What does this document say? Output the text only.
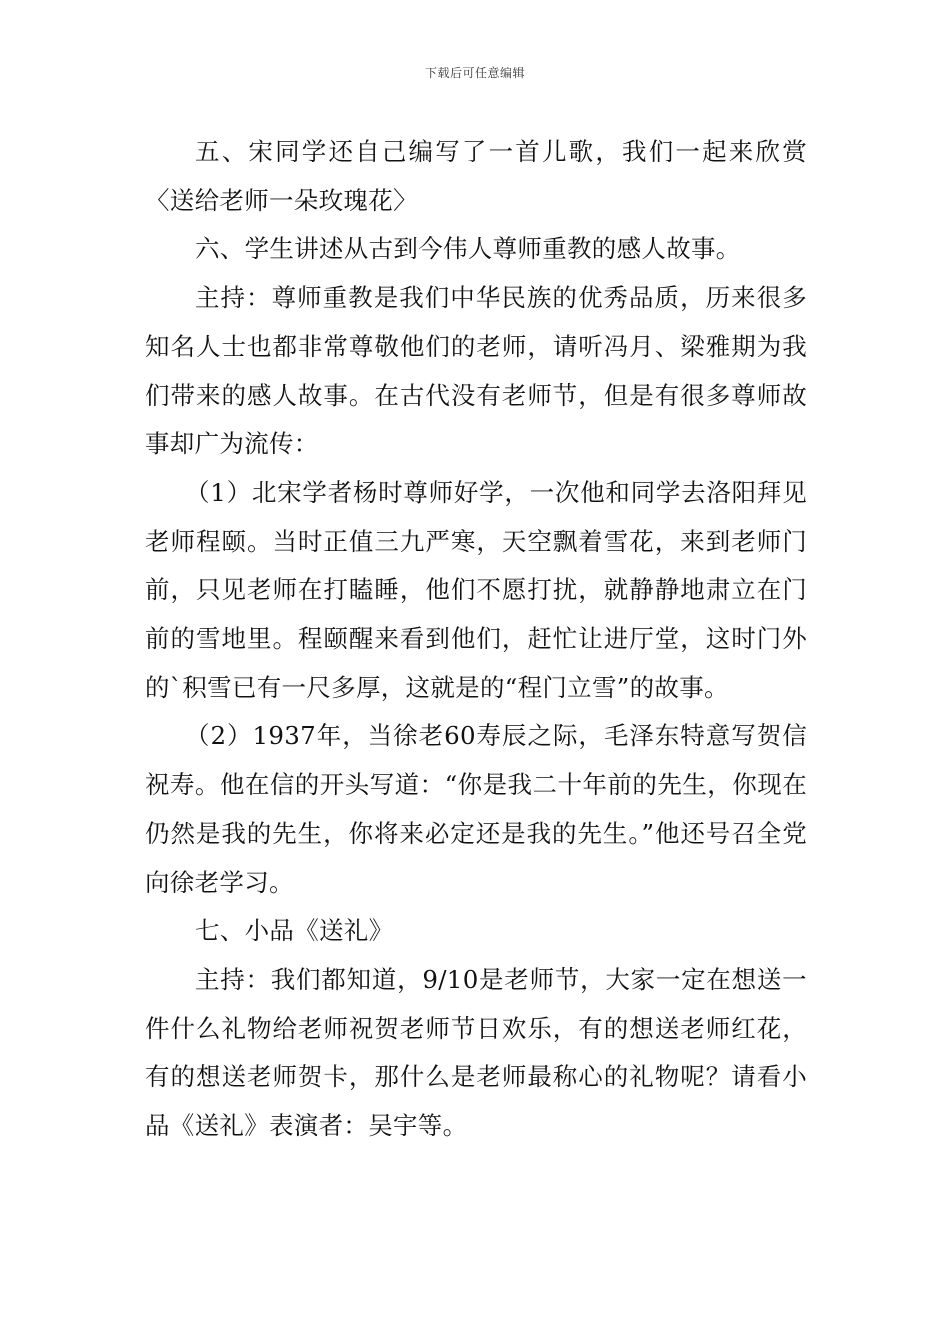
下载后可任意编辑

五、宋同学还自己编写了一首儿歌，我们一起来欣赏〈送给老师一朵玫瑰花〉

六、学生讲述从古到今伟人尊师重教的感人故事。

主持：尊师重教是我们中华民族的优秀品质，历来很多知名人士也都非常尊敬他们的老师，请听冯月、梁雅期为我们带来的感人故事。在古代没有老师节，但是有很多尊师故事却广为流传：

（1）北宋学者杨时尊师好学，一次他和同学去洛阳拜见老师程颐。当时正值三九严寒，天空飘着雪花，来到老师门前，只见老师在打瞌睡，他们不愿打扰，就静静地肃立在门前的雪地里。程颐醒来看到他们，赶忙让进厅堂，这时门外的`积雪已有一尺多厚，这就是的“程门立雪”的故事。

（2）1937年，当徐老60寿辰之际，毛泽东特意写贺信祝寿。他在信的开头写道：“你是我二十年前的先生，你现在仍然是我的先生，你将来必定还是我的先生。”他还号召全党向徐老学习。

七、小品《送礼》

主持：我们都知道，9/10是老师节，大家一定在想送一件什么礼物给老师祝贺老师节日欢乐，有的想送老师红花，有的想送老师贺卡，那什么是老师最称心的礼物呢？请看小品《送礼》表演者：吴宇等。
